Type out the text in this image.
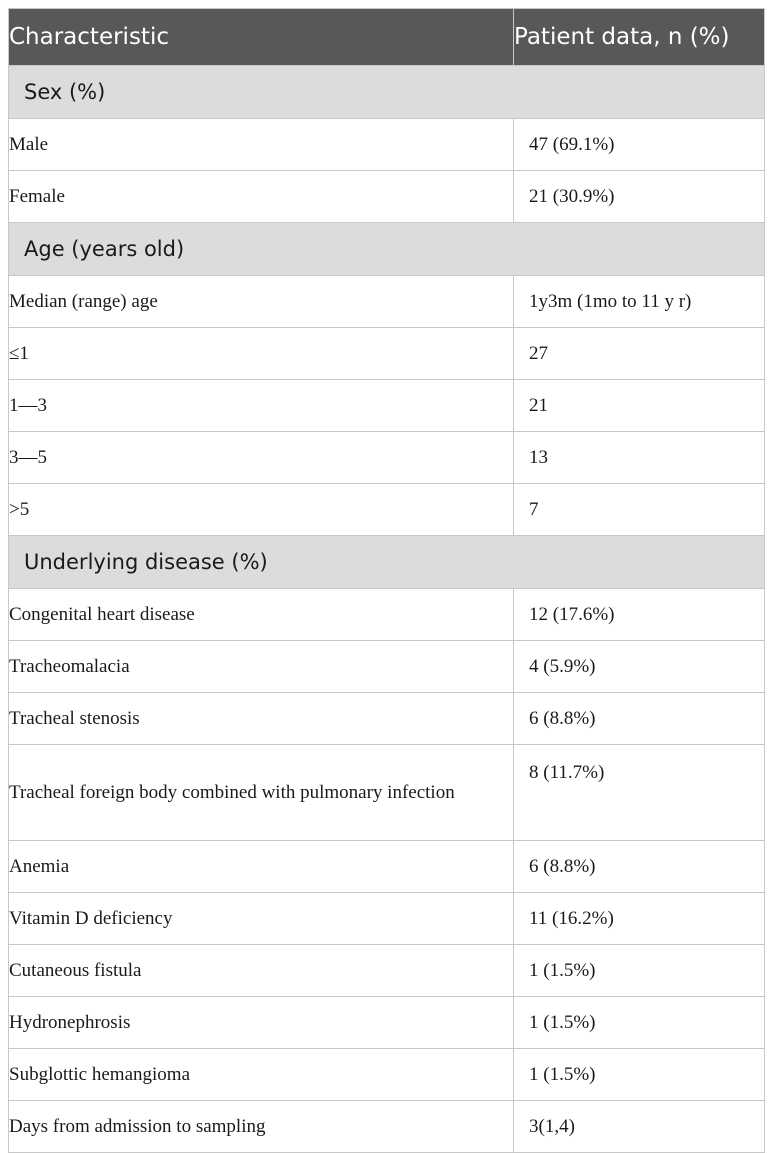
Characteristic	Patient data, n (%)
Sex (%)	
Male	47 (69.1%)
Female	21 (30.9%)
Age (years old)	
Median (range) age	1y3m (1mo to 11 y r)
≤1	27
1—3	21
3—5	13
>5	7
Underlying disease (%)	
Congenital heart disease	12 (17.6%)
Tracheomalacia	4 (5.9%)
Tracheal stenosis	6 (8.8%)
Tracheal foreign body combined with pulmonary infection	8 (11.7%)
Anemia	6 (8.8%)
Vitamin D deficiency	11 (16.2%)
Cutaneous fistula	1 (1.5%)
Hydronephrosis	1 (1.5%)
Subglottic hemangioma	1 (1.5%)
Days from admission to sampling	3(1,4)
